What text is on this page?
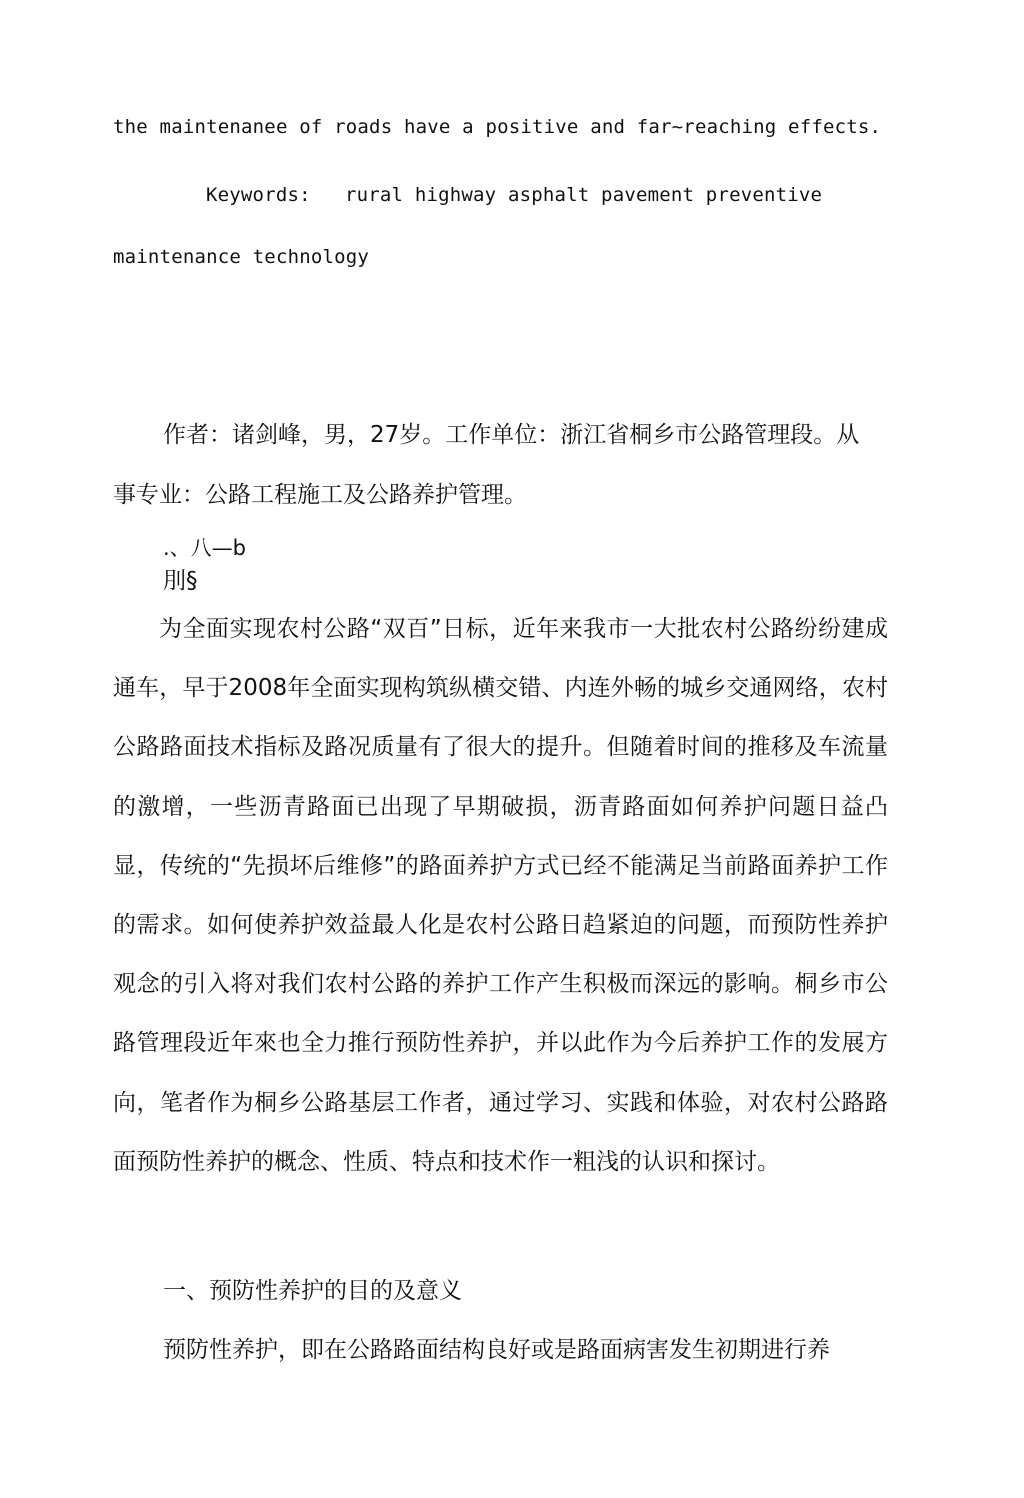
the maintenanee of roads have a positive and far~reaching effects.

Keywords: rural highway asphalt pavement preventive

maintenance technology

作者：诸剑峰，男，27岁。工作单位：浙江省桐乡市公路管理段。从

事专业：公路工程施工及公路养护管理。

.、八—b

刖§

为全面实现农村公路“双百”日标，近年来我市一大批农村公路纷纷建成通车，早于2008年全面实现构筑纵横交错、内连外畅的城乡交通网络，农村公路路面技术指标及路况质量有了很大的提升。但随着时间的推移及车流量的激增，一些沥青路面已出现了早期破损，沥青路面如何养护问题日益凸显，传统的“先损坏后维修”的路面养护方式已经不能满足当前路面养护工作的需求。如何使养护效益最人化是农村公路日趋紧迫的问题，而预防性养护观念的引入将对我们农村公路的养护工作产生积极而深远的影响。桐乡市公路管理段近年來也全力推行预防性养护，并以此作为今后养护工作的发展方向，笔者作为桐乡公路基层工作者，通过学习、实践和体验，对农村公路路面预防性养护的概念、性质、特点和技术作一粗浅的认识和探讨。

一、预防性养护的目的及意义

预防性养护，即在公路路面结构良好或是路面病害发生初期进行养
